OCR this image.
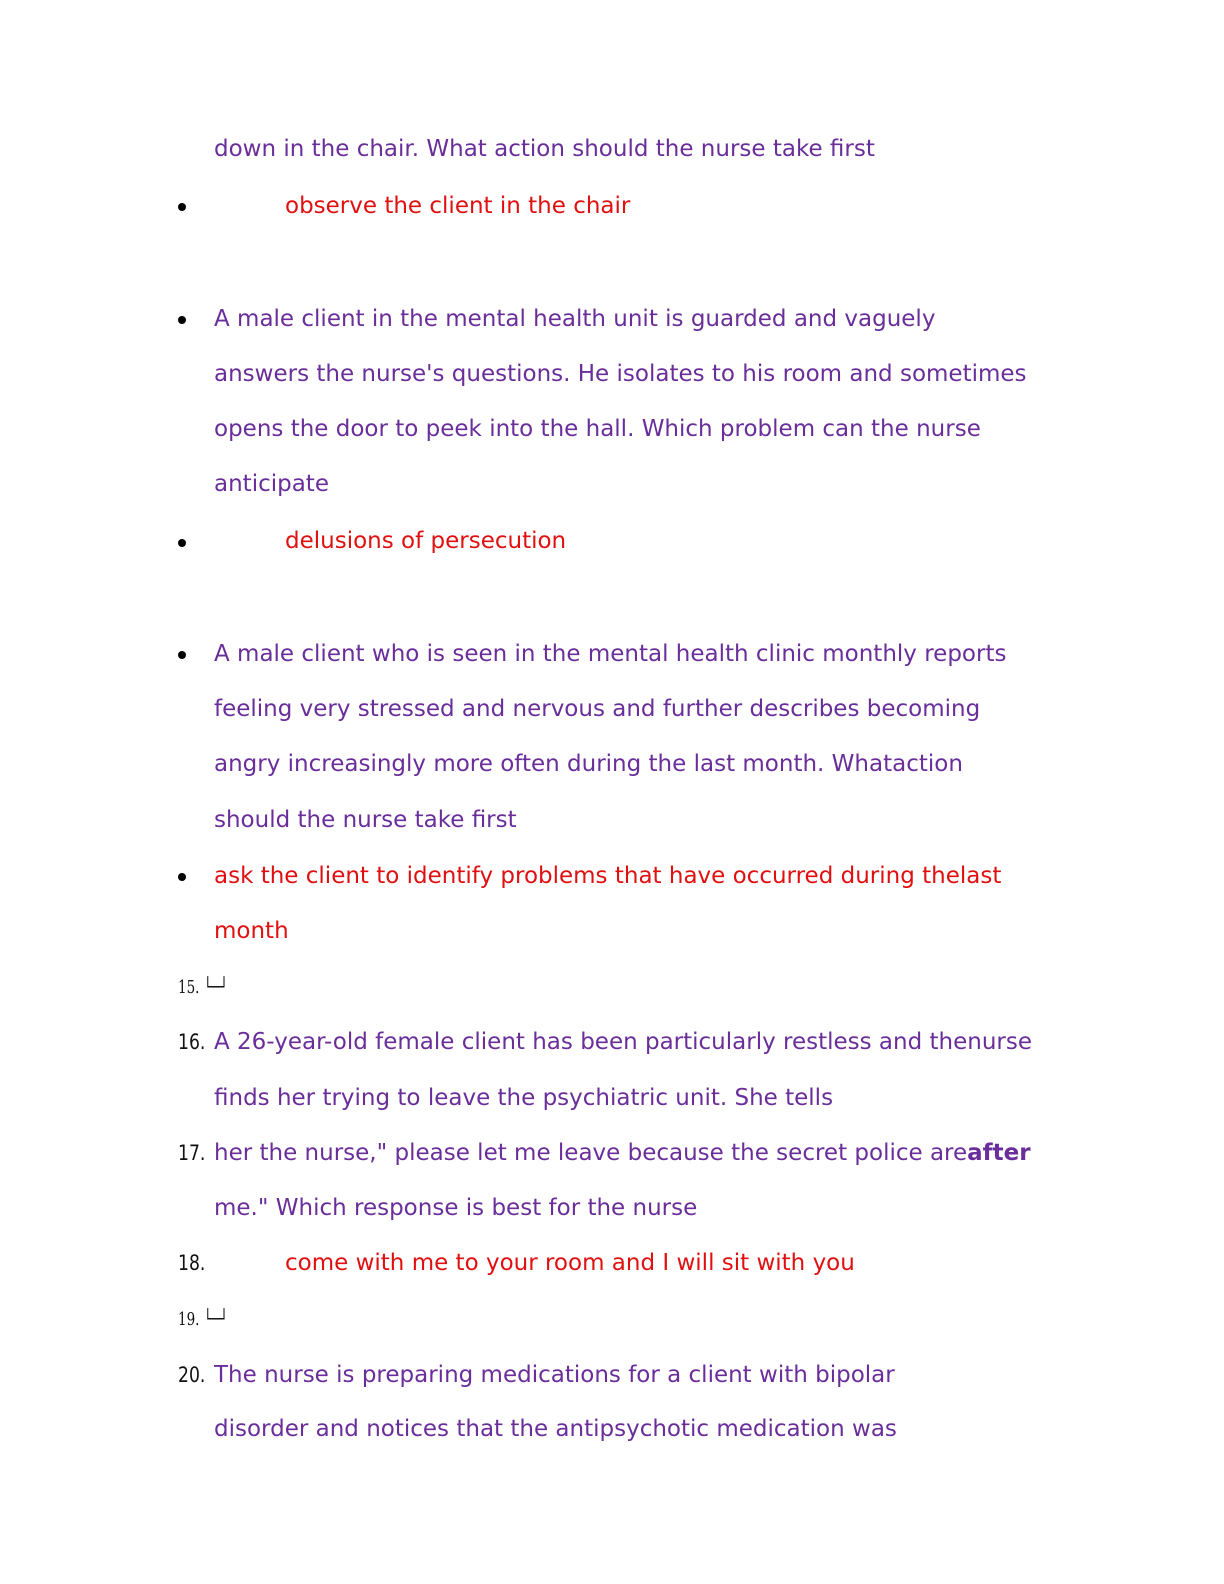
down in the chair. What action should the nurse take first

observe the client in the chair

A male client in the mental health unit is guarded and vaguely

answers the nurse's questions. He isolates to his room and sometimes

opens the door to peek into the hall. Which problem can the nurse

anticipate

delusions of persecution

A male client who is seen in the mental health clinic monthly reports

feeling very stressed and nervous and further describes becoming

angry increasingly more often during the last month. Whataction

should the nurse take first

ask the client to identify problems that have occurred during thelast

month

15. └─┘

16. A 26-year-old female client has been particularly restless and thenurse

finds her trying to leave the psychiatric unit. She tells

17. her the nurse," please let me leave because the secret police areafter

me." Which response is best for the nurse

18.	come with me to your room and I will sit with you

19. └─┘

20. The nurse is preparing medications for a client with bipolar

disorder and notices that the antipsychotic medication was
